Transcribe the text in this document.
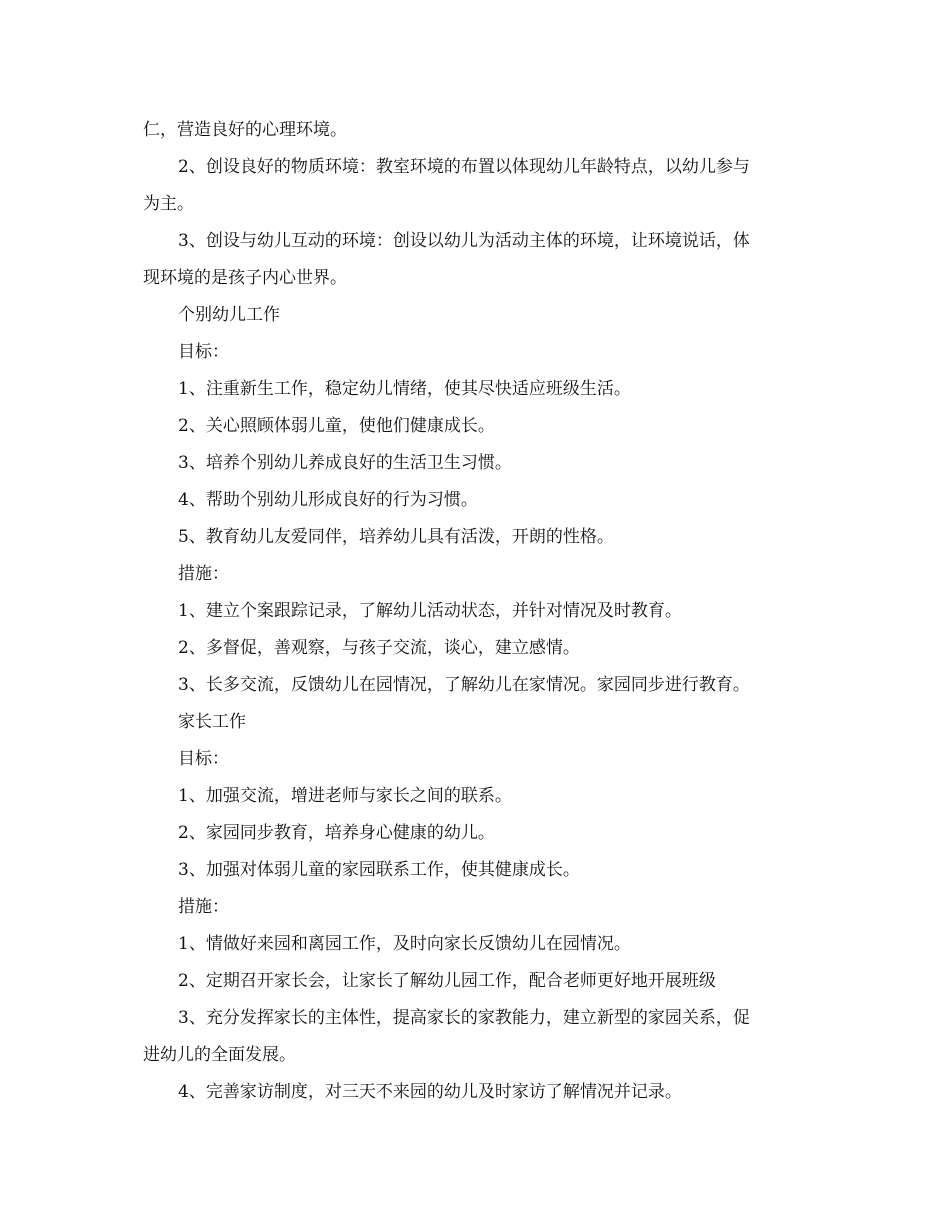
仁，营造良好的心理环境。
2、创设良好的物质环境：教室环境的布置以体现幼儿年龄特点，以幼儿参与
为主。
3、创设与幼儿互动的环境：创设以幼儿为活动主体的环境，让环境说话，体
现环境的是孩子内心世界。
个别幼儿工作
目标：
1、注重新生工作，稳定幼儿情绪，使其尽快适应班级生活。
2、关心照顾体弱儿童，使他们健康成长。
3、培养个别幼儿养成良好的生活卫生习惯。
4、帮助个别幼儿形成良好的行为习惯。
5、教育幼儿友爱同伴，培养幼儿具有活泼，开朗的性格。
措施：
1、建立个案跟踪记录，了解幼儿活动状态，并针对情况及时教育。
2、多督促，善观察，与孩子交流，谈心，建立感情。
3、长多交流，反馈幼儿在园情况，了解幼儿在家情况。家园同步进行教育。
家长工作
目标：
1、加强交流，增进老师与家长之间的联系。
2、家园同步教育，培养身心健康的幼儿。
3、加强对体弱儿童的家园联系工作，使其健康成长。
措施：
1、情做好来园和离园工作，及时向家长反馈幼儿在园情况。
2、定期召开家长会，让家长了解幼儿园工作，配合老师更好地开展班级
3、充分发挥家长的主体性，提高家长的家教能力，建立新型的家园关系，促
进幼儿的全面发展。
4、完善家访制度，对三天不来园的幼儿及时家访了解情况并记录。
